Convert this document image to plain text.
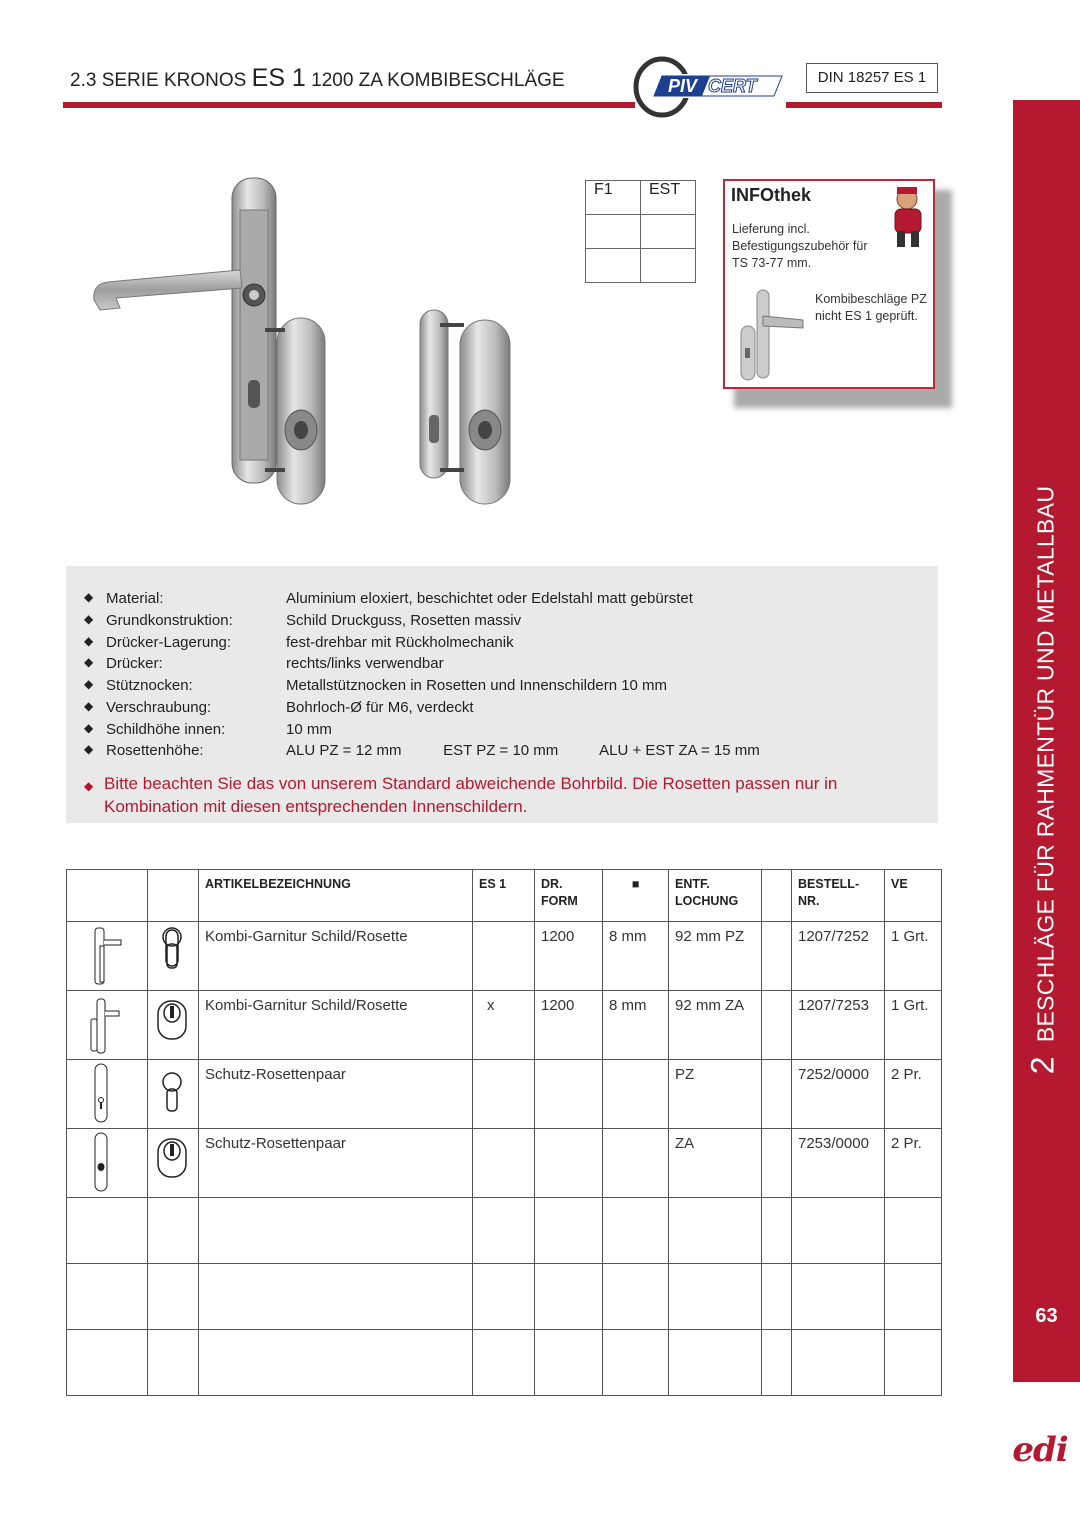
2.3 SERIE KRONOS ES 1 1200 ZA KOMBIBESCHLÄGE	PIV CERT	DIN 18257 ES 1
2BESCHLÄGE FÜR RAHMENTÜR UND METALLBAU
63
edi
F1	EST

		INFOthek
Lieferung incl. Befestigungszubehör für TS 73-77 mm.
Kombibeschläge PZ nicht ES 1 geprüft.
◆ Material:	Aluminium eloxiert, beschichtet oder Edelstahl matt gebürstet
◆ Grundkonstruktion:	Schild Druckguss, Rosetten massiv
◆ Drücker-Lagerung:	fest-drehbar mit Rückholmechanik
◆ Drücker:	rechts/links verwendbar
◆ Stütznocken:	Metallstütznocken in Rosetten und Innenschildern 10 mm
◆ Verschraubung:	Bohrloch-Ø für M6, verdeckt
◆ Schildhöhe innen:	10 mm
◆ Rosettenhöhe:	ALU PZ = 12 mm          EST PZ = 10 mm          ALU + EST ZA = 15 mm
◆ Bitte beachten Sie das von unserem Standard abweichende Bohrbild. Die Rosetten passen nur in Kombination mit diesen entsprechenden Innenschildern.
		ARTIKELBEZEICHNUNG	ES 1	DR. FORM	■	ENTF. LOCHUNG		BESTELL- NR.	VE
		Kombi-Garnitur Schild/Rosette		1200	8 mm	92 mm PZ		1207/7252	1 Grt.
		Kombi-Garnitur Schild/Rosette	x	1200	8 mm	92 mm ZA		1207/7253	1 Grt.
		Schutz-Rosettenpaar				PZ		7252/0000	2 Pr.
		Schutz-Rosettenpaar				ZA		7253/0000	2 Pr.
